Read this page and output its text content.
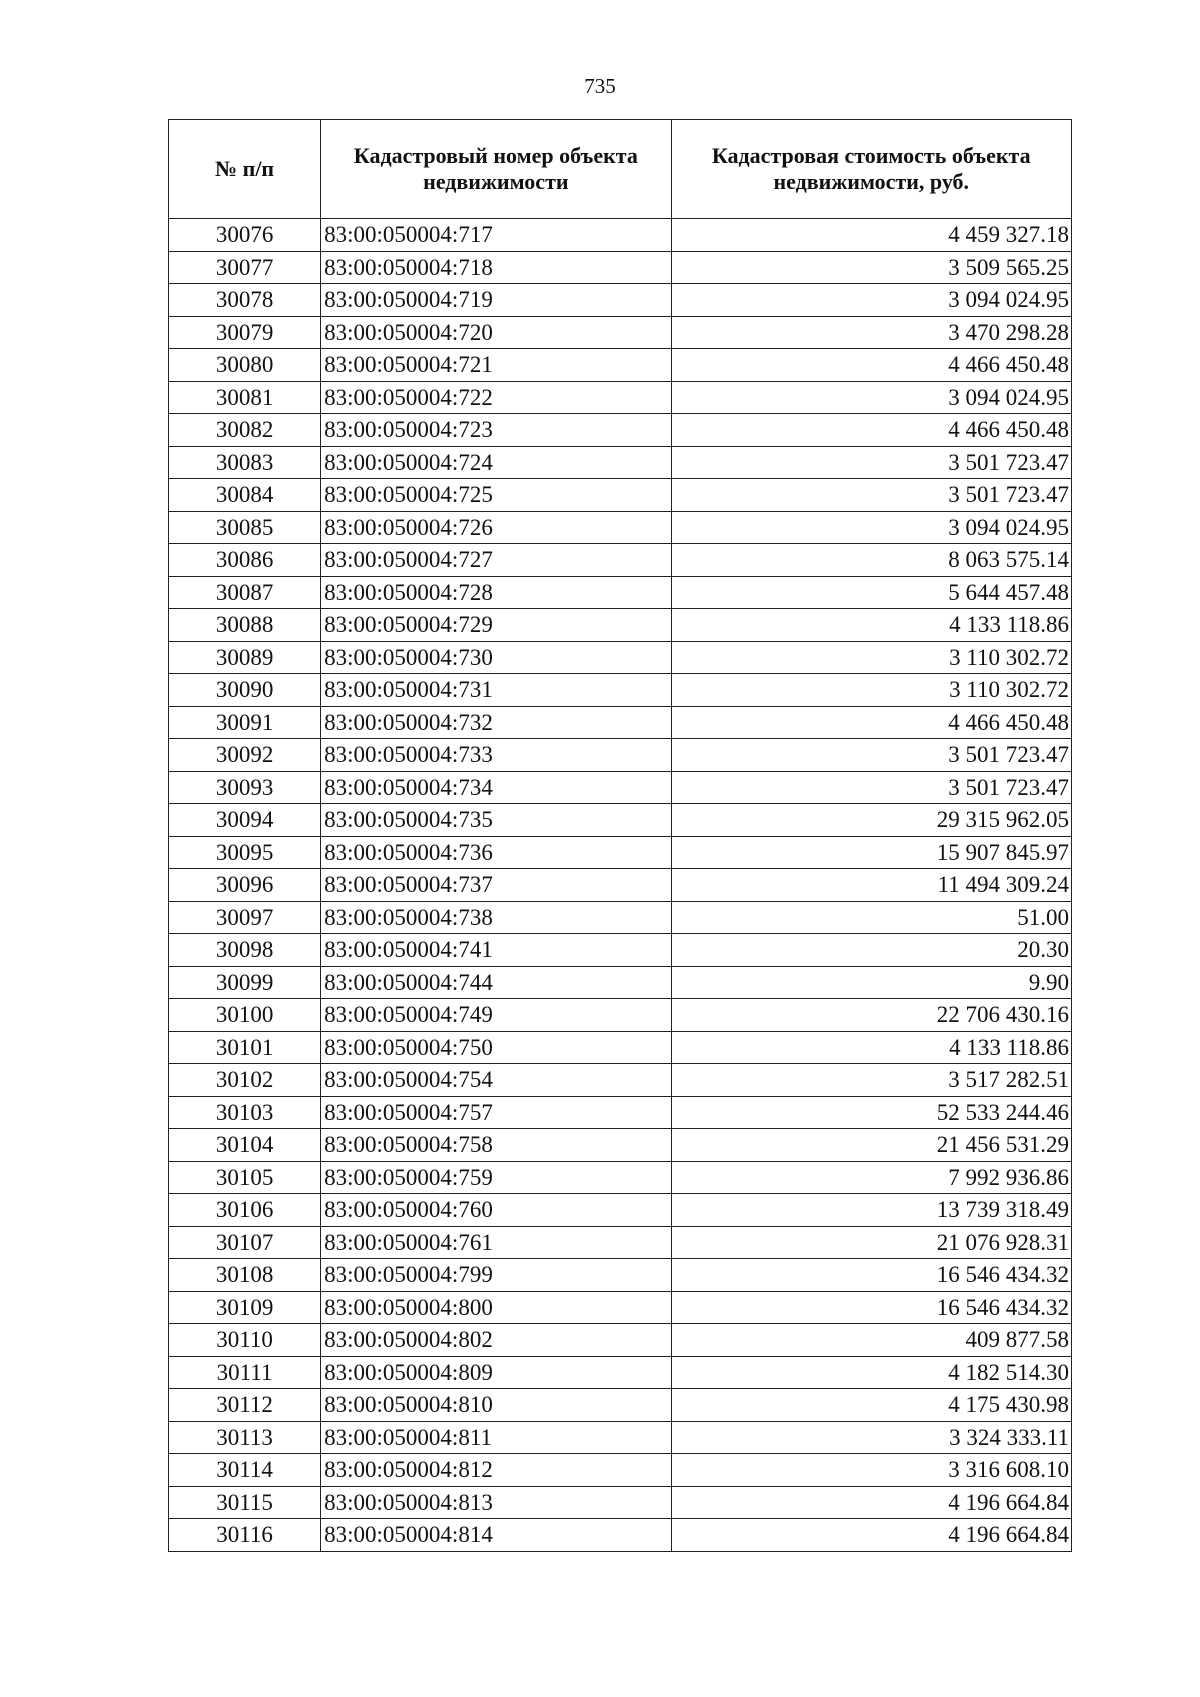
735
№ п/п	Кадастровый номер объекта недвижимости	Кадастровая стоимость объекта недвижимости, руб.
30076	83:00:050004:717	4 459 327.18
30077	83:00:050004:718	3 509 565.25
30078	83:00:050004:719	3 094 024.95
30079	83:00:050004:720	3 470 298.28
30080	83:00:050004:721	4 466 450.48
30081	83:00:050004:722	3 094 024.95
30082	83:00:050004:723	4 466 450.48
30083	83:00:050004:724	3 501 723.47
30084	83:00:050004:725	3 501 723.47
30085	83:00:050004:726	3 094 024.95
30086	83:00:050004:727	8 063 575.14
30087	83:00:050004:728	5 644 457.48
30088	83:00:050004:729	4 133 118.86
30089	83:00:050004:730	3 110 302.72
30090	83:00:050004:731	3 110 302.72
30091	83:00:050004:732	4 466 450.48
30092	83:00:050004:733	3 501 723.47
30093	83:00:050004:734	3 501 723.47
30094	83:00:050004:735	29 315 962.05
30095	83:00:050004:736	15 907 845.97
30096	83:00:050004:737	11 494 309.24
30097	83:00:050004:738	51.00
30098	83:00:050004:741	20.30
30099	83:00:050004:744	9.90
30100	83:00:050004:749	22 706 430.16
30101	83:00:050004:750	4 133 118.86
30102	83:00:050004:754	3 517 282.51
30103	83:00:050004:757	52 533 244.46
30104	83:00:050004:758	21 456 531.29
30105	83:00:050004:759	7 992 936.86
30106	83:00:050004:760	13 739 318.49
30107	83:00:050004:761	21 076 928.31
30108	83:00:050004:799	16 546 434.32
30109	83:00:050004:800	16 546 434.32
30110	83:00:050004:802	409 877.58
30111	83:00:050004:809	4 182 514.30
30112	83:00:050004:810	4 175 430.98
30113	83:00:050004:811	3 324 333.11
30114	83:00:050004:812	3 316 608.10
30115	83:00:050004:813	4 196 664.84
30116	83:00:050004:814	4 196 664.84
